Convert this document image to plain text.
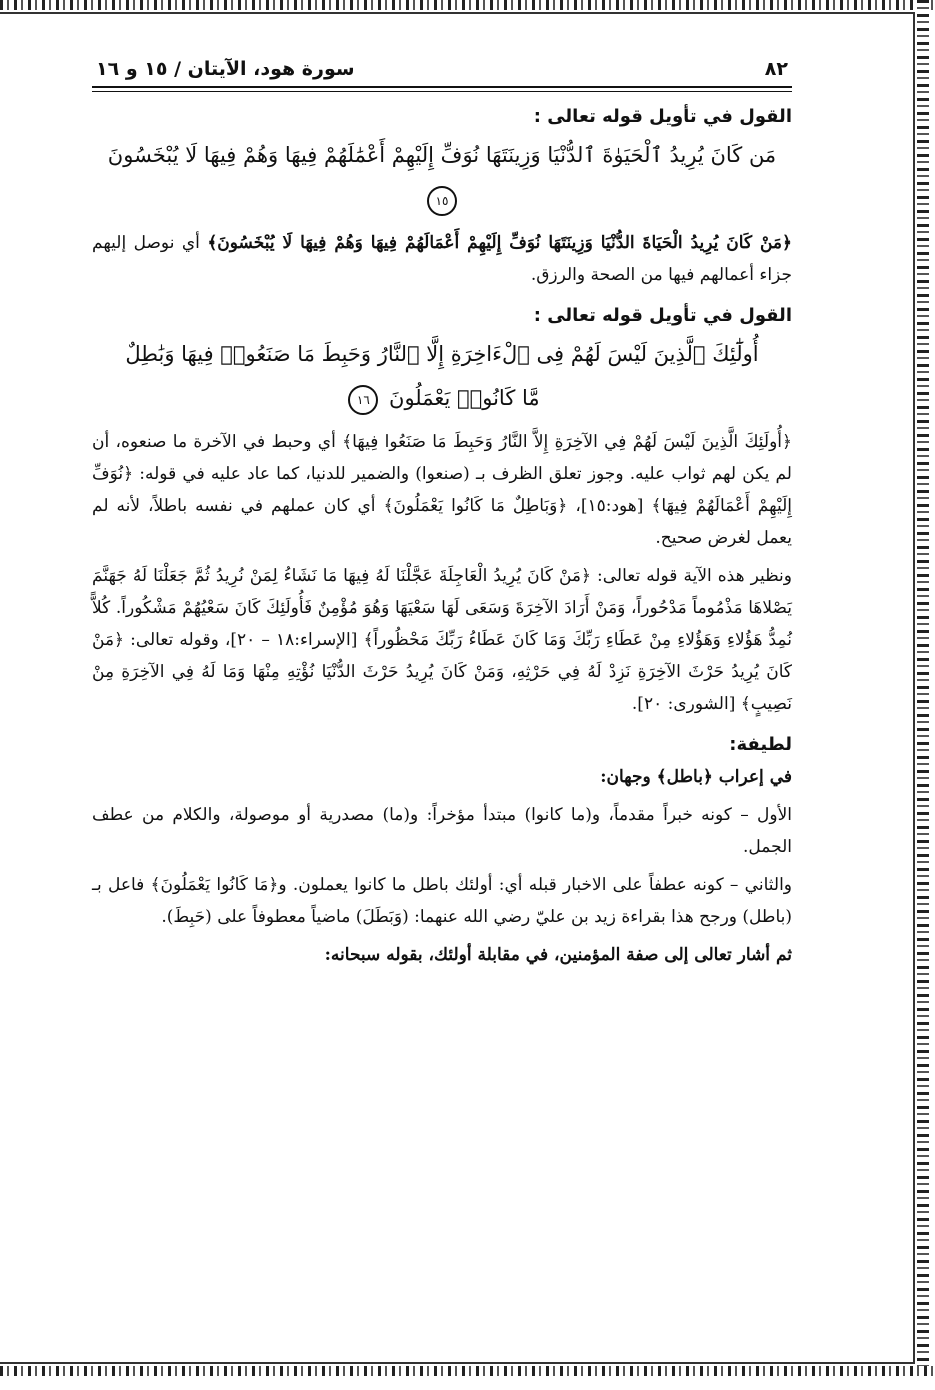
٨٢
سورة هود، الآيتان / ١٥ و ١٦
القول في تأويل قوله تعالى :
مَن كَانَ يُرِيدُ ٱلْحَيَوٰةَ ٱلدُّنْيَا وَزِينَتَهَا نُوَفِّ إِلَيْهِمْ أَعْمَٰلَهُمْ فِيهَا وَهُمْ فِيهَا لَا يُبْخَسُونَ ١٥

﴿مَنْ كَانَ يُرِيدُ الْحَيَاةَ الدُّنْيَا وَزِينَتَهَا نُوَفِّ إِلَيْهِمْ أَعْمَالَهُمْ فِيهَا وَهُمْ فِيهَا لَا يُبْخَسُونَ﴾ أي نوصل إليهم جزاء أعمالهم فيها من الصحة والرزق.

القول في تأويل قوله تعالى :
أُولَٰٓئِكَ ٱلَّذِينَ لَيْسَ لَهُمْ فِى ٱلْءَاخِرَةِ إِلَّا ٱلنَّارُ وَحَبِطَ مَا صَنَعُوا۟ فِيهَا وَبَٰطِلٌ
مَّا كَانُوا۟ يَعْمَلُونَ ١٦

﴿أُولَئِكَ الَّذِينَ لَيْسَ لَهُمْ فِي الآخِرَةِ إِلاَّ النَّارُ وَحَبِطَ مَا صَنَعُوا فِيهَا﴾ أي وحبط في الآخرة ما صنعوه، أن لم يكن لهم ثواب عليه. وجوز تعلق الظرف بـ (صنعوا) والضمير للدنيا، كما عاد عليه في قوله: ﴿نُوَفِّ إِلَيْهِمْ أَعْمَالَهُمْ فِيهَا﴾ [هود:١٥]، ﴿وَبَاطِلٌ مَا كَانُوا يَعْمَلُونَ﴾ أي كان عملهم في نفسه باطلاً، لأنه لم يعمل لغرض صحيح.

ونظير هذه الآية قوله تعالى: ﴿مَنْ كَانَ يُرِيدُ الْعَاجِلَةَ عَجَّلْنَا لَهُ فِيهَا مَا نَشَاءُ لِمَنْ نُرِيدُ ثُمَّ جَعَلْنَا لَهُ جَهَنَّمَ يَصْلاهَا مَذْمُوماً مَدْحُوراً، وَمَنْ أَرَادَ الآخِرَةَ وَسَعَى لَهَا سَعْيَهَا وَهُوَ مُؤْمِنٌ فَأُولَئِكَ كَانَ سَعْيُهُمْ مَشْكُوراً. كُلاًّ نُمِدُّ هَؤُلاءِ وَهَؤُلاءِ مِنْ عَطَاءِ رَبِّكَ وَمَا كَانَ عَطَاءُ رَبِّكَ مَحْظُوراً﴾ [الإسراء:١٨ – ٢٠]، وقوله تعالى: ﴿مَنْ كَانَ يُرِيدُ حَرْثَ الآخِرَةِ نَزِدْ لَهُ فِي حَرْثِهِ، وَمَنْ كَانَ يُرِيدُ حَرْثَ الدُّنْيَا نُؤْتِهِ مِنْهَا وَمَا لَهُ فِي الآخِرَةِ مِنْ نَصِيبٍ﴾ [الشورى: ٢٠].

لطيفة:

في إعراب ﴿باطل﴾ وجهان:

الأول – كونه خبراً مقدماً، و(ما كانوا) مبتدأ مؤخراً: و(ما) مصدرية أو موصولة، والكلام من عطف الجمل.

والثاني – كونه عطفاً على الاخبار قبله أي: أولئك باطل ما كانوا يعملون. و﴿مَا كَانُوا يَعْمَلُونَ﴾ فاعل بـ (باطل) ورجح هذا بقراءة زيد بن عليّ رضي الله عنهما: (وَبَطَلَ) ماضياً معطوفاً على (حَبِطَ).

ثم أشار تعالى إلى صفة المؤمنين، في مقابلة أولئك، بقوله سبحانه:
